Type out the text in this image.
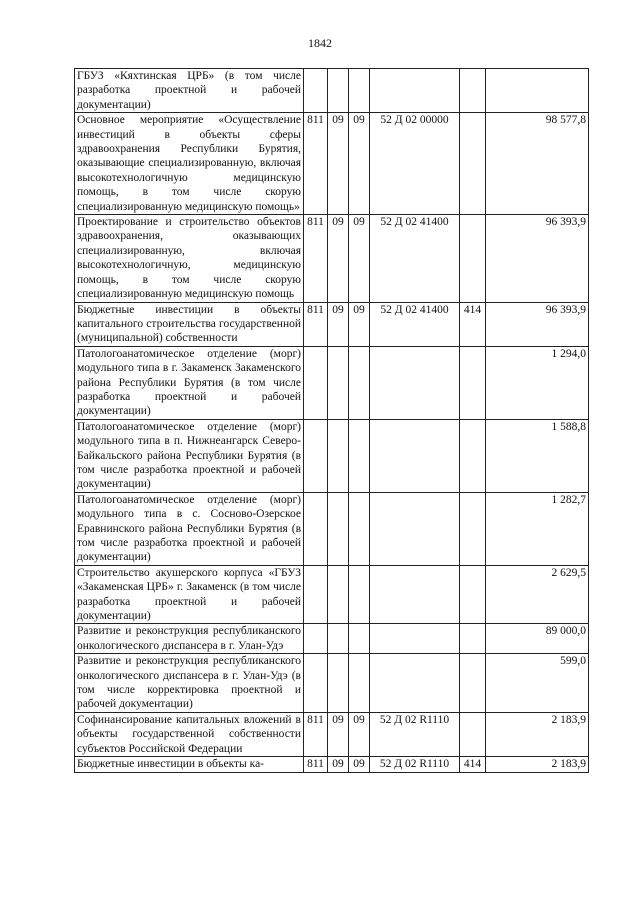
1842
ГБУЗ «Кяхтинская ЦРБ» (в том числе разработка проектной и рабочей документации)						
Основное мероприятие «Осуществление инвестиций в объекты сферы здравоохранения Республики Бурятия, оказывающие специализированную, включая высокотехнологичную медицинскую помощь, в том числе скорую специализированную медицинскую помощь»	811	09	09	52 Д 02 00000		98 577,8
Проектирование и строительство объектов здравоохранения, оказывающих специализированную, включая высокотехнологичную, медицинскую помощь, в том числе скорую специализированную медицинскую помощь	811	09	09	52 Д 02 41400		96 393,9
Бюджетные инвестиции в объекты капитального строительства государственной (муниципальной) собственности	811	09	09	52 Д 02 41400	414	96 393,9
Патологоанатомическое отделение (морг) модульного типа в г. Закаменск Закаменского района Республики Бурятия (в том числе разработка проектной и рабочей документации)						1 294,0
Патологоанатомическое отделение (морг) модульного типа в п. Нижнеангарск Северо-Байкальского района Республики Бурятия (в том числе разработка проектной и рабочей документации)						1 588,8
Патологоанатомическое отделение (морг) модульного типа в с. Сосново-Озерское Еравнинского района Республики Бурятия (в том числе разработка проектной и рабочей документации)						1 282,7
Строительство акушерского корпуса «ГБУЗ «Закаменская ЦРБ» г. Закаменск (в том числе разработка проектной и рабочей документации)						2 629,5
Развитие и реконструкция республиканского онкологического диспансера в г. Улан-Удэ						89 000,0
Развитие и реконструкция республиканского онкологического диспансера в г. Улан-Удэ (в том числе корректировка проектной и рабочей документации)						599,0
Софинансирование капитальных вложений в объекты государственной собственности субъектов Российской Федерации	811	09	09	52 Д 02 R1110		2 183,9
Бюджетные инвестиции в объекты ка-	811	09	09	52 Д 02 R1110	414	2 183,9
